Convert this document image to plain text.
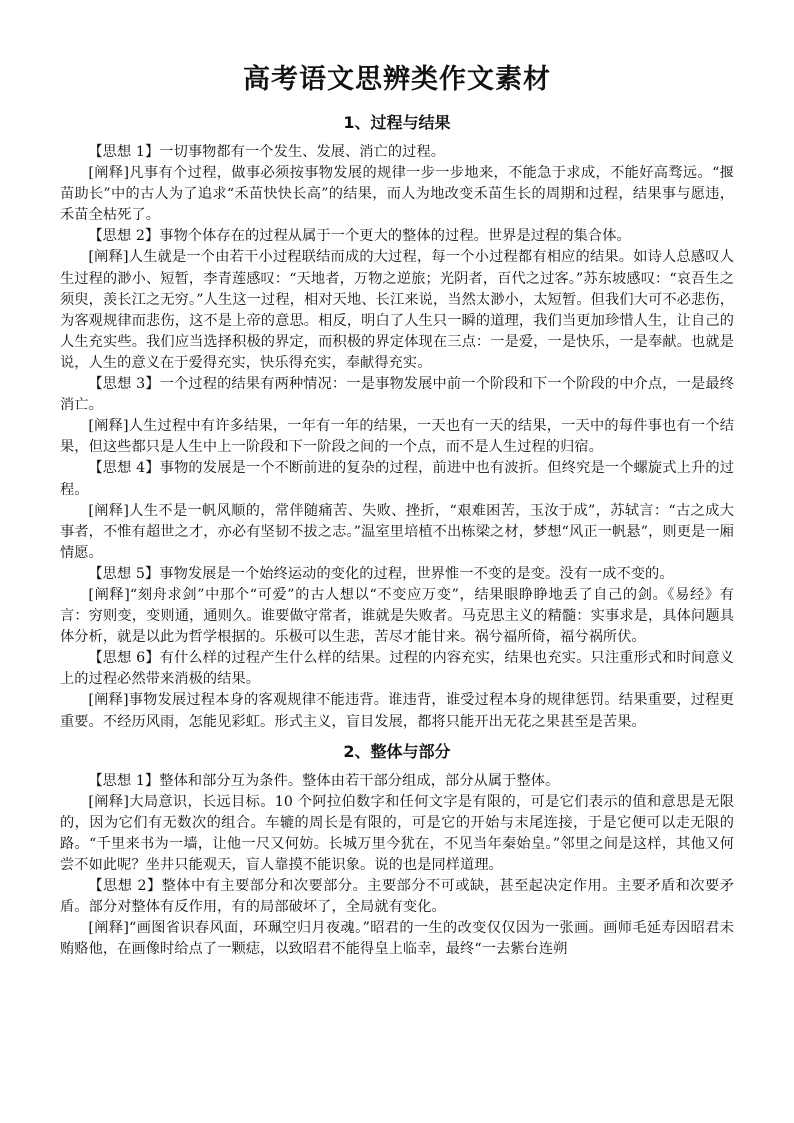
高考语文思辨类作文素材
1、过程与结果

【思想 1】一切事物都有一个发生、发展、消亡的过程。

[阐释]凡事有个过程，做事必须按事物发展的规律一步一步地来，不能急于求成，不能好高骛远。“揠苗助长”中的古人为了追求“禾苗快快长高”的结果，而人为地改变禾苗生长的周期和过程，结果事与愿违，禾苗全枯死了。

【思想 2】事物个体存在的过程从属于一个更大的整体的过程。世界是过程的集合体。

[阐释]人生就是一个由若干小过程联结而成的大过程，每一个小过程都有相应的结果。如诗人总感叹人生过程的渺小、短暂，李青莲感叹：“天地者，万物之逆旅；光阴者，百代之过客。”苏东坡感叹：“哀吾生之须臾，羡长江之无穷。”人生这一过程，相对天地、长江来说，当然太渺小，太短暂。但我们大可不必悲伤，为客观规律而悲伤，这不是上帝的意思。相反，明白了人生只一瞬的道理，我们当更加珍惜人生，让自己的人生充实些。我们应当选择积极的界定，而积极的界定体现在三点：一是爱，一是快乐，一是奉献。也就是说，人生的意义在于爱得充实，快乐得充实，奉献得充实。

【思想 3】一个过程的结果有两种情况：一是事物发展中前一个阶段和下一个阶段的中介点，一是最终消亡。

[阐释]人生过程中有许多结果，一年有一年的结果，一天也有一天的结果，一天中的每件事也有一个结果，但这些都只是人生中上一阶段和下一阶段之间的一个点，而不是人生过程的归宿。

【思想 4】事物的发展是一个不断前进的复杂的过程，前进中也有波折。但终究是一个螺旋式上升的过程。

[阐释]人生不是一帆风顺的，常伴随痛苦、失败、挫折，“艰难困苦，玉汝于成”，苏轼言：“古之成大事者，不惟有超世之才，亦必有坚韧不拔之志。”温室里培植不出栋梁之材，梦想“风正一帆悬”，则更是一厢情愿。

【思想 5】事物发展是一个始终运动的变化的过程，世界惟一不变的是变。没有一成不变的。

[阐释]“刻舟求剑”中那个“可爱”的古人想以“不变应万变”，结果眼睁睁地丢了自己的剑。《易经》有言：穷则变，变则通，通则久。谁要做守常者，谁就是失败者。马克思主义的精髓：实事求是，具体问题具体分析，就是以此为哲学根据的。乐极可以生悲，苦尽才能甘来。祸兮福所倚，福兮祸所伏。

【思想 6】有什么样的过程产生什么样的结果。过程的内容充实，结果也充实。只注重形式和时间意义上的过程必然带来消极的结果。

[阐释]事物发展过程本身的客观规律不能违背。谁违背，谁受过程本身的规律惩罚。结果重要，过程更重要。不经历风雨，怎能见彩虹。形式主义，盲目发展，都将只能开出无花之果甚至是苦果。

2、整体与部分

【思想 1】整体和部分互为条件。整体由若干部分组成，部分从属于整体。

[阐释]大局意识，长远目标。10 个阿拉伯数字和任何文字是有限的，可是它们表示的值和意思是无限的，因为它们有无数次的组合。车辘的周长是有限的，可是它的开始与末尾连接，于是它便可以走无限的路。“千里来书为一墙，让他一尺又何妨。长城万里今犹在，不见当年秦始皇。”邻里之间是这样，其他又何尝不如此呢？坐井只能观天，盲人靠摸不能识象。说的也是同样道理。

【思想 2】整体中有主要部分和次要部分。主要部分不可或缺，甚至起决定作用。主要矛盾和次要矛盾。部分对整体有反作用，有的局部破坏了，全局就有变化。

[阐释]“画图省识春风面，环珮空归月夜魂。”昭君的一生的改变仅仅因为一张画。画师毛延寿因昭君未贿赂他，在画像时给点了一颗痣，以致昭君不能得皇上临幸，最终“一去紫台连朔
